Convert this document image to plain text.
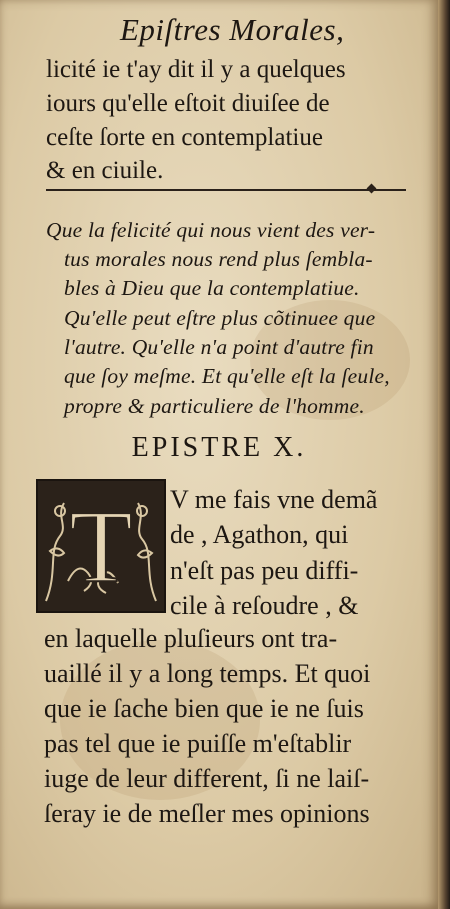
Epiſtres Morales,
licité ie t'ay dit il y a quelques
iours qu'elle eſtoit diuiſee de
ceſte ſorte en contemplatiue
& en ciuile.
Que la felicité qui nous vient des ver-
tus morales nous rend plus ſembla-
bles à Dieu que la contemplatiue.
Qu'elle peut eſtre plus cõtinuee que
l'autre. Qu'elle n'a point d'autre fin
que ſoy meſme. Et qu'elle eſt la ſeule,
propre & particuliere de l'homme.
EPISTRE X.
T V me fais vne demã
de , Agathon, qui
n'eſt pas peu diffi-
cile à reſoudre , &
en laquelle pluſieurs ont tra-
uaillé il y a long temps. Et quoi
que ie ſache bien que ie ne ſuis
pas tel que ie puiſſe m'eſtablir
iuge de leur different, ſi ne laiſ-
ſeray ie de meſler mes opinions
